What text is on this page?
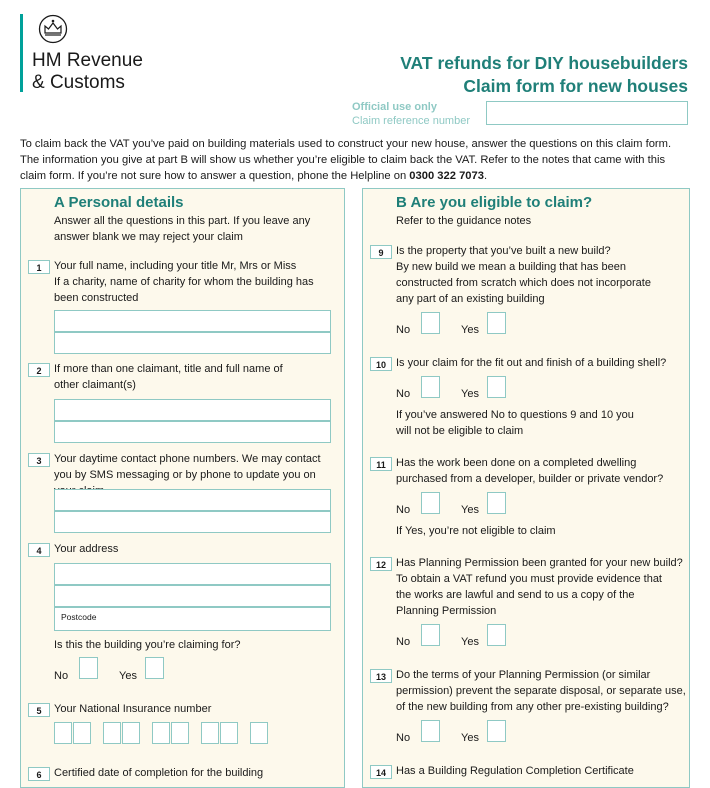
HM Revenue
& Customs
VAT refunds for DIY housebuilders
Claim form for new houses
Official use only
Claim reference number
To claim back the VAT you’ve paid on building materials used to construct your new house, answer the questions on this claim form. The information you give at part B will show us whether you’re eligible to claim back the VAT. Refer to the notes that came with this claim form. If you’re not sure how to answer a question, phone the Helpline on 0300 322 7073.
A Personal details
Answer all the questions in this part. If you leave any answer blank we may reject your claim
1	Your full name, including your title Mr, Mrs or Miss
If a charity, name of charity for whom the building has been constructed
2	If more than one claimant, title and full name of other claimant(s)
3	Your daytime contact phone numbers. We may contact you by SMS messaging or by phone to update you on
4	Your address
Postcode
Is this the building you’re claiming for?
No	Yes
5	Your National Insurance number
6	Certified date of completion for the building
B Are you eligible to claim?
Refer to the guidance notes
9	Is the property that you’ve built a new build?
By new build we mean a building that has been constructed from scratch which does not incorporate any part of an existing building
No	Yes
10 Is your claim for the fit out and finish of a building shell?
No	Yes
If you’ve answered No to questions 9 and 10 you will not be eligible to claim
11 Has the work been done on a completed dwelling purchased from a developer, builder or private vendor?
No	Yes
If Yes, you’re not eligible to claim
12 Has Planning Permission been granted for your new build?
To obtain a VAT refund you must provide evidence that the works are lawful and send to us a copy of the Planning Permission
No	Yes
13 Do the terms of your Planning Permission (or similar permission) prevent the separate disposal, or separate use, of the new building from any other pre-existing building?
No	Yes
14 Has a Building Regulation Completion Certificate
